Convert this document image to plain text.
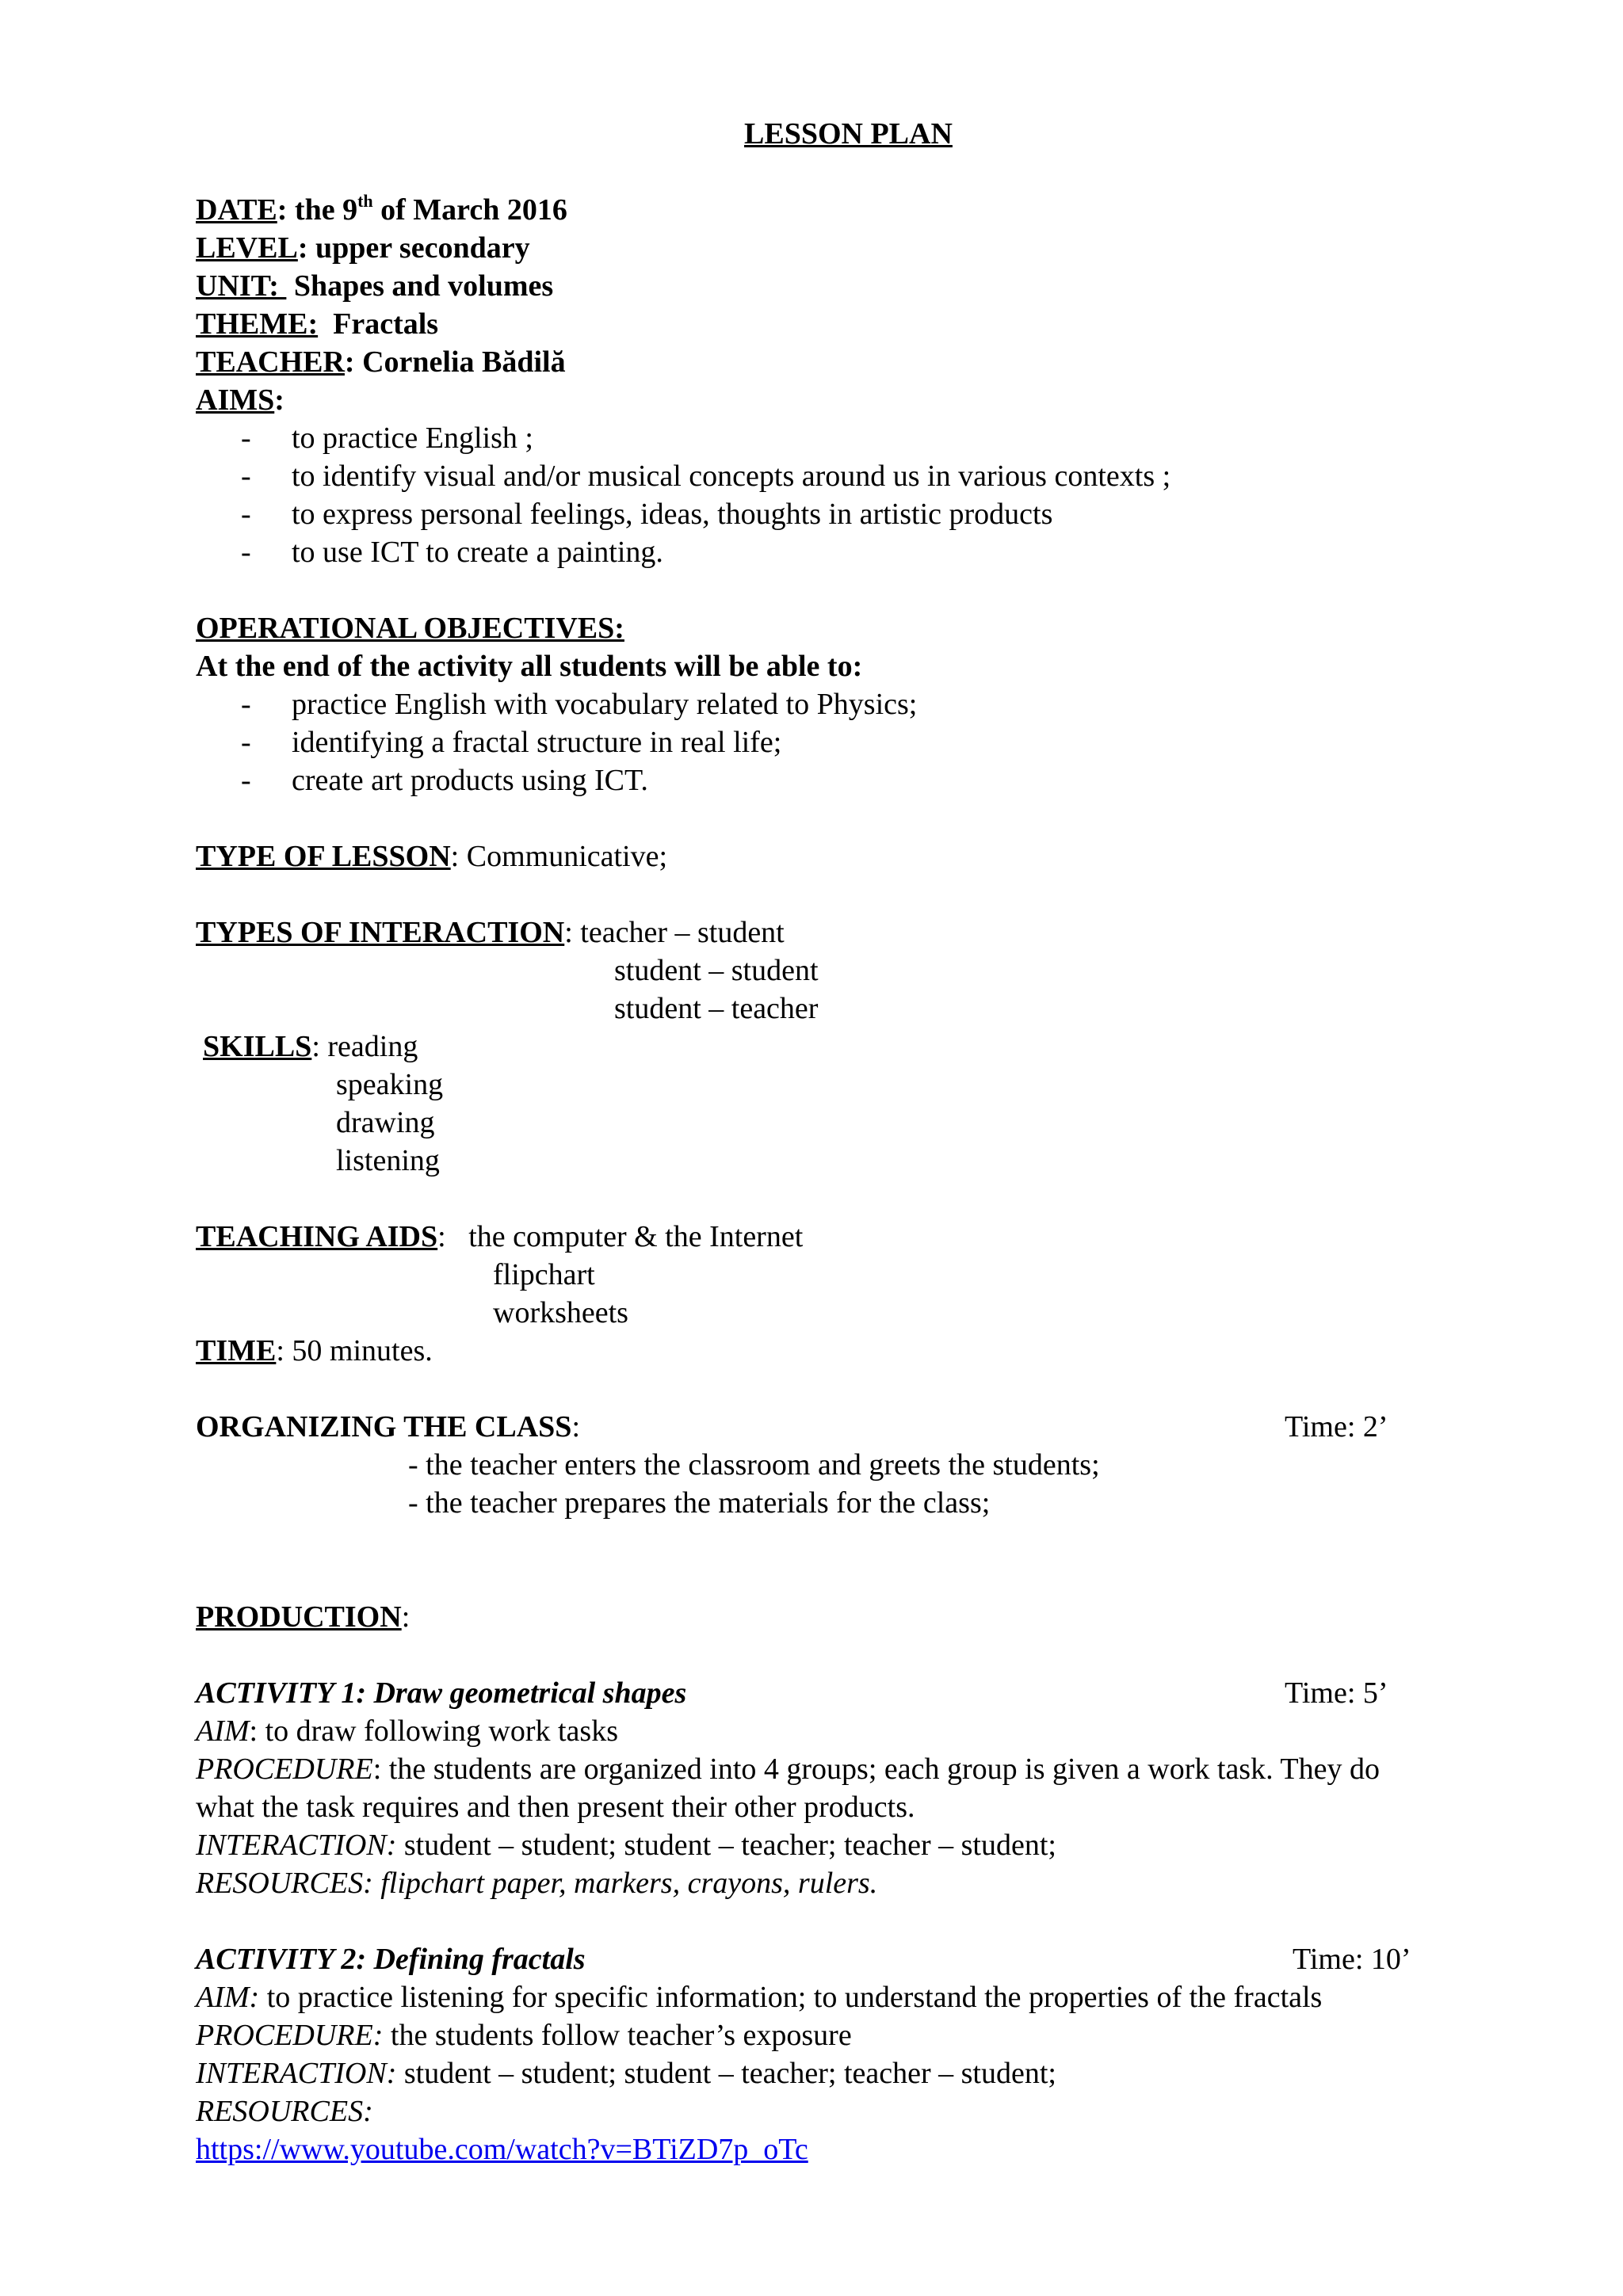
LESSON PLAN
DATE: the 9th of March 2016
LEVEL: upper secondary
UNIT:  Shapes and volumes
THEME:  Fractals
TEACHER: Cornelia Bădilă
AIMS:
- to practice English ;
- to identify visual and/or musical concepts around us in various contexts ;
- to express personal feelings, ideas, thoughts in artistic products
- to use ICT to create a painting.
OPERATIONAL OBJECTIVES:
At the end of the activity all students will be able to:
- practice English with vocabulary related to Physics;
- identifying a fractal structure in real life;
- create art products using ICT.
TYPE OF LESSON: Communicative;
TYPES OF INTERACTION: teacher – student
student – student
student – teacher
SKILLS: reading
speaking
drawing
listening
TEACHING AIDS:   the computer & the Internet
flipchart
worksheets
TIME: 50 minutes.
ORGANIZING THE CLASS:	Time: 2’
- the teacher enters the classroom and greets the students;
- the teacher prepares the materials for the class;
PRODUCTION:
ACTIVITY 1: Draw geometrical shapes	Time: 5’
AIM: to draw following work tasks
PROCEDURE: the students are organized into 4 groups; each group is given a work task. They do
what the task requires and then present their other products.
INTERACTION: student – student; student – teacher; teacher – student;
RESOURCES: flipchart paper, markers, crayons, rulers.
ACTIVITY 2: Defining fractals	Time: 10’
AIM: to practice listening for specific information; to understand the properties of the fractals
PROCEDURE: the students follow teacher’s exposure
INTERACTION: student – student; student – teacher; teacher – student;
RESOURCES:
https://www.youtube.com/watch?v=BTiZD7p_oTc
